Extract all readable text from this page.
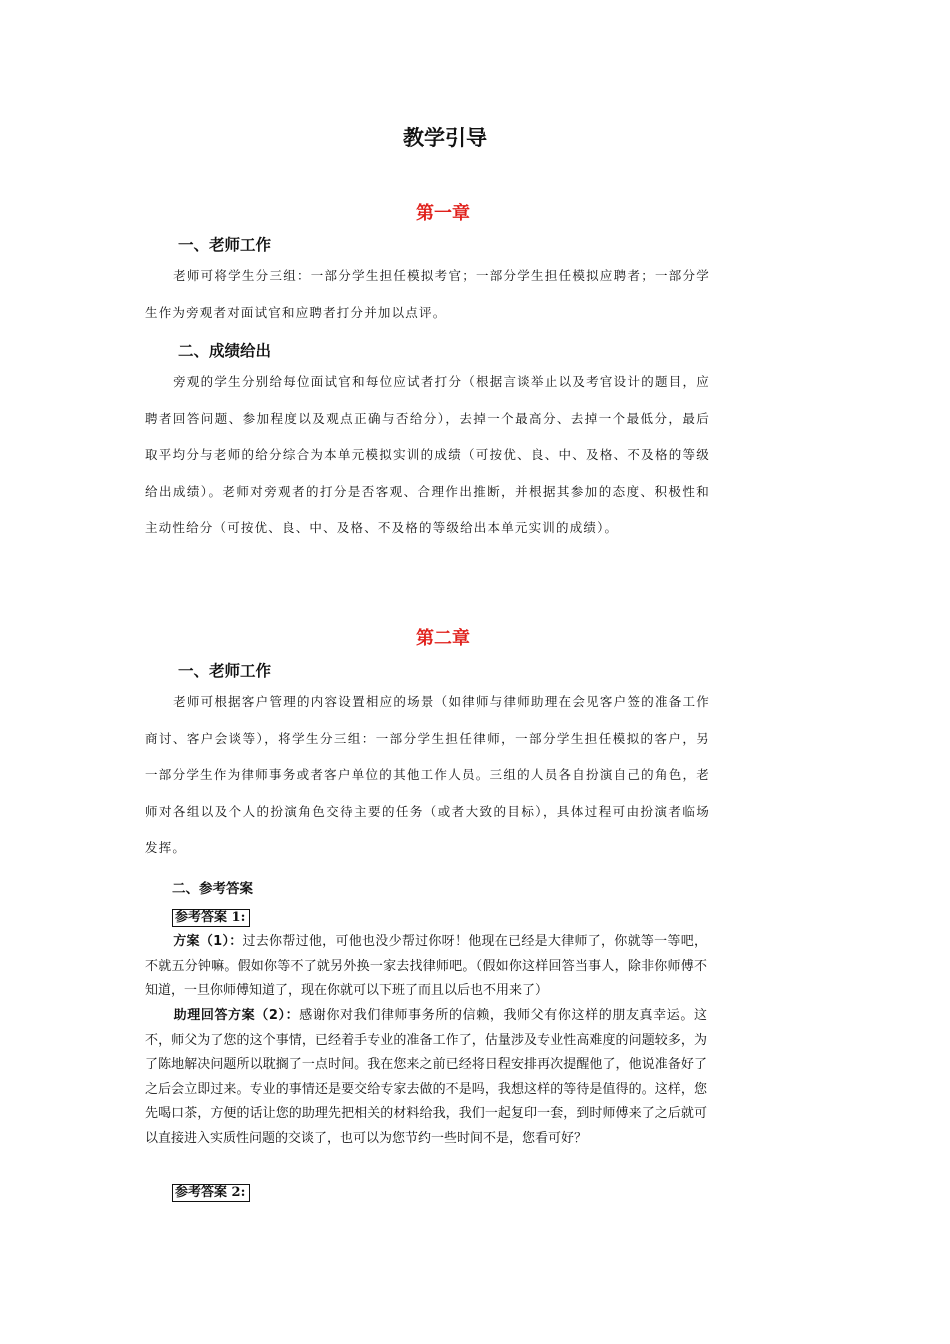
教学引导
第一章
一、老师工作

老师可将学生分三组：一部分学生担任模拟考官；一部分学生担任模拟应聘者；一部分学生作为旁观者对面试官和应聘者打分并加以点评。

二、成绩给出

旁观的学生分别给每位面试官和每位应试者打分（根据言谈举止以及考官设计的题目，应聘者回答问题、参加程度以及观点正确与否给分），去掉一个最高分、去掉一个最低分，最后取平均分与老师的给分综合为本单元模拟实训的成绩（可按优、良、中、及格、不及格的等级给出成绩）。老师对旁观者的打分是否客观、合理作出推断，并根据其参加的态度、积极性和主动性给分（可按优、良、中、及格、不及格的等级给出本单元实训的成绩）。

第二章
一、老师工作

老师可根据客户管理的内容设置相应的场景（如律师与律师助理在会见客户签的准备工作商讨、客户会谈等），将学生分三组：一部分学生担任律师，一部分学生担任模拟的客户，另一部分学生作为律师事务或者客户单位的其他工作人员。三组的人员各自扮演自己的角色，老师对各组以及个人的扮演角色交待主要的任务（或者大致的目标），具体过程可由扮演者临场发挥。

二、参考答案
参考答案 1:

方案（1）：过去你帮过他，可他也没少帮过你呀！他现在已经是大律师了，你就等一等吧，不就五分钟嘛。假如你等不了就另外换一家去找律师吧。（假如你这样回答当事人，除非你师傅不知道，一旦你师傅知道了，现在你就可以下班了而且以后也不用来了）

助理回答方案（2）：感谢你对我们律师事务所的信赖，我师父有你这样的朋友真幸运。这不，师父为了您的这个事情，已经着手专业的准备工作了，估量涉及专业性高难度的问题较多，为了陈地解决问题所以耽搁了一点时间。我在您来之前已经将日程安排再次提醒他了，他说准备好了之后会立即过来。专业的事情还是要交给专家去做的不是吗，我想这样的等待是值得的。这样，您先喝口茶，方便的话让您的助理先把相关的材料给我，我们一起复印一套，到时师傅来了之后就可以直接进入实质性问题的交谈了，也可以为您节约一些时间不是，您看可好？

参考答案 2:
